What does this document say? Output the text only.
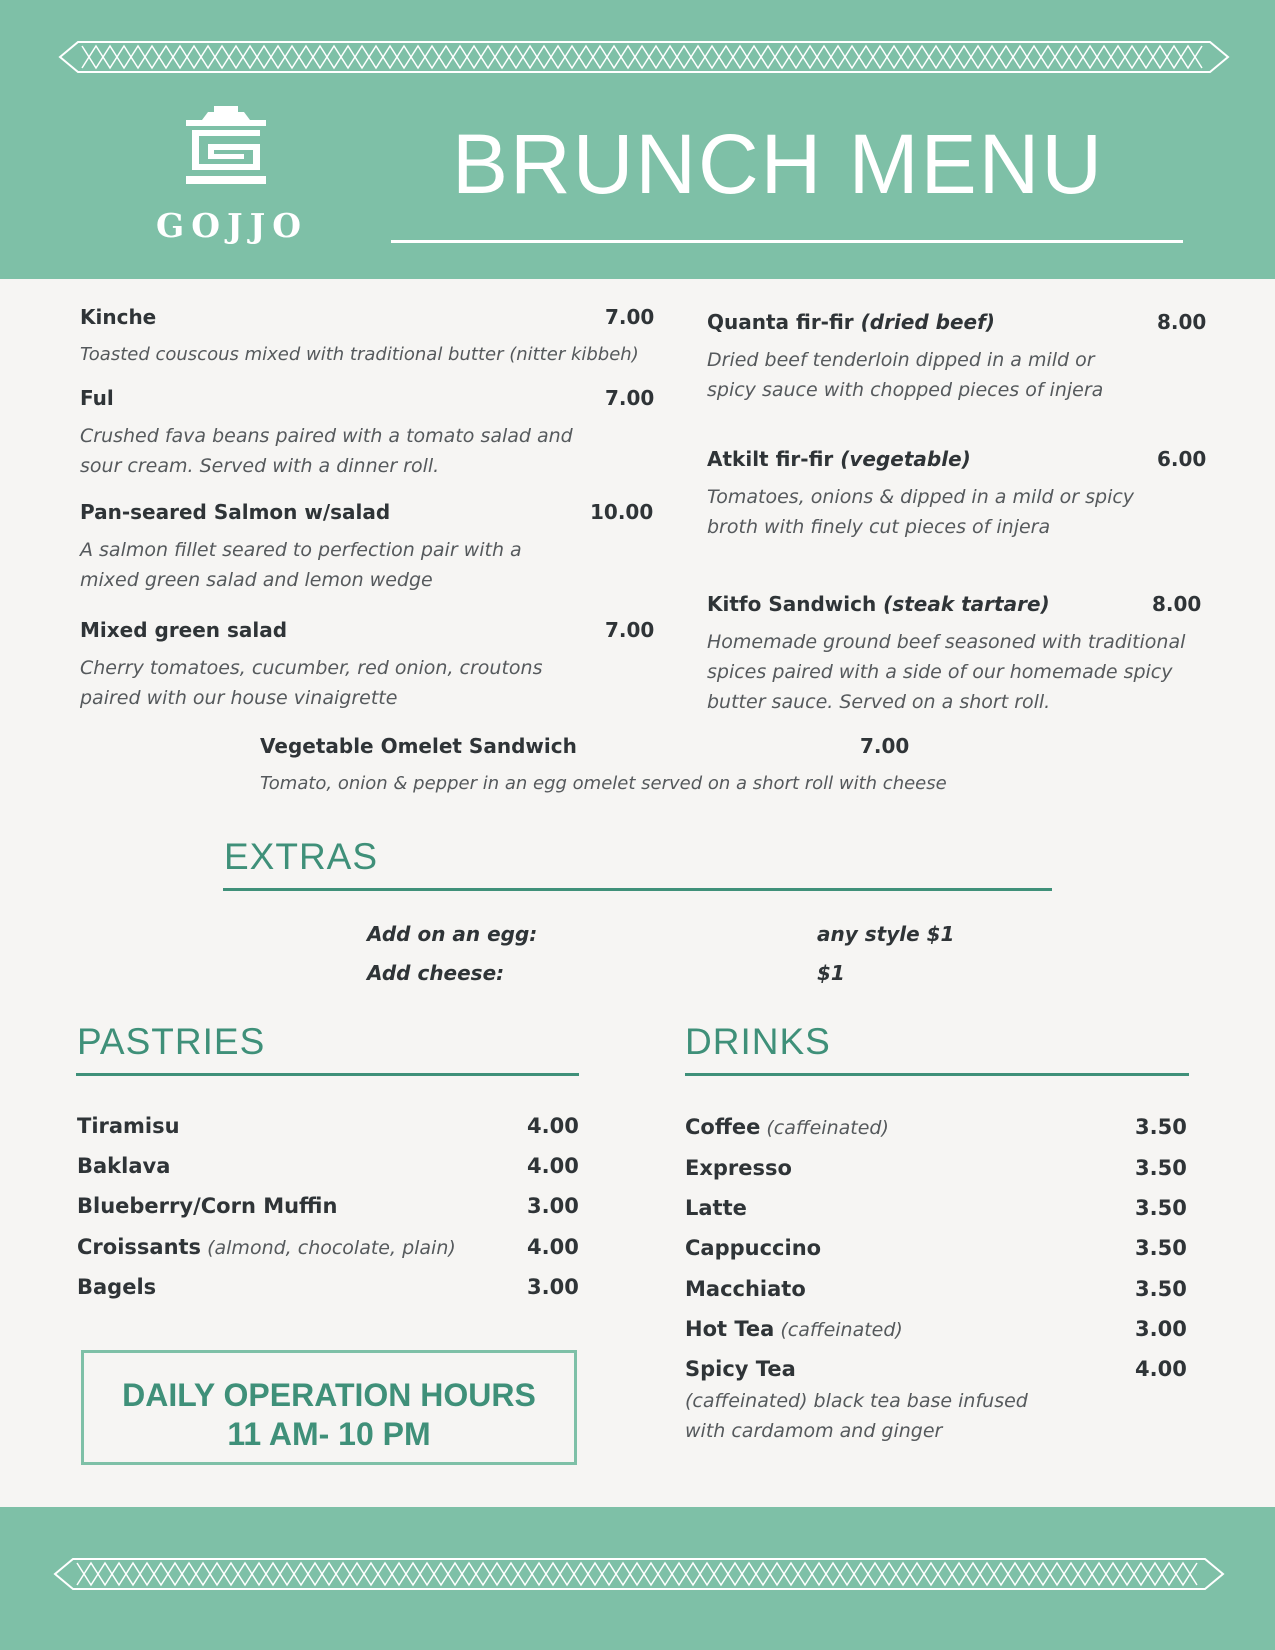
GOJJO
BRUNCH MENU
Kinche	7.00
Toasted couscous mixed with traditional butter (nitter kibbeh)
Ful	7.00
Crushed fava beans paired with a tomato salad and sour cream. Served with a dinner roll.
Pan-seared Salmon w/salad	10.00
A salmon fillet seared to perfection pair with a mixed green salad and lemon wedge
Mixed green salad	7.00
Cherry tomatoes, cucumber, red onion, croutons paired with our house vinaigrette
Quanta fir-fir (dried beef)	8.00
Dried beef tenderloin dipped in a mild or spicy sauce with chopped pieces of injera
Atkilt fir-fir (vegetable)	6.00
Tomatoes, onions & dipped in a mild or spicy broth with finely cut pieces of injera
Kitfo Sandwich (steak tartare)	8.00
Homemade ground beef seasoned with traditional spices paired with a side of our homemade spicy butter sauce. Served on a short roll.
Vegetable Omelet Sandwich	7.00
Tomato, onion & pepper in an egg omelet served on a short roll with cheese
EXTRAS
Add on an egg:	any style $1
Add cheese:	$1
PASTRIES
Tiramisu	4.00
Baklava	4.00
Blueberry/Corn Muffin	3.00
Croissants (almond, chocolate, plain)	4.00
Bagels	3.00
DAILY OPERATION HOURS
11 AM- 10 PM
DRINKS
Coffee (caffeinated)	3.50
Expresso	3.50
Latte	3.50
Cappuccino	3.50
Macchiato	3.50
Hot Tea (caffeinated)	3.00
Spicy Tea	4.00
(caffeinated) black tea base infused with cardamom and ginger
